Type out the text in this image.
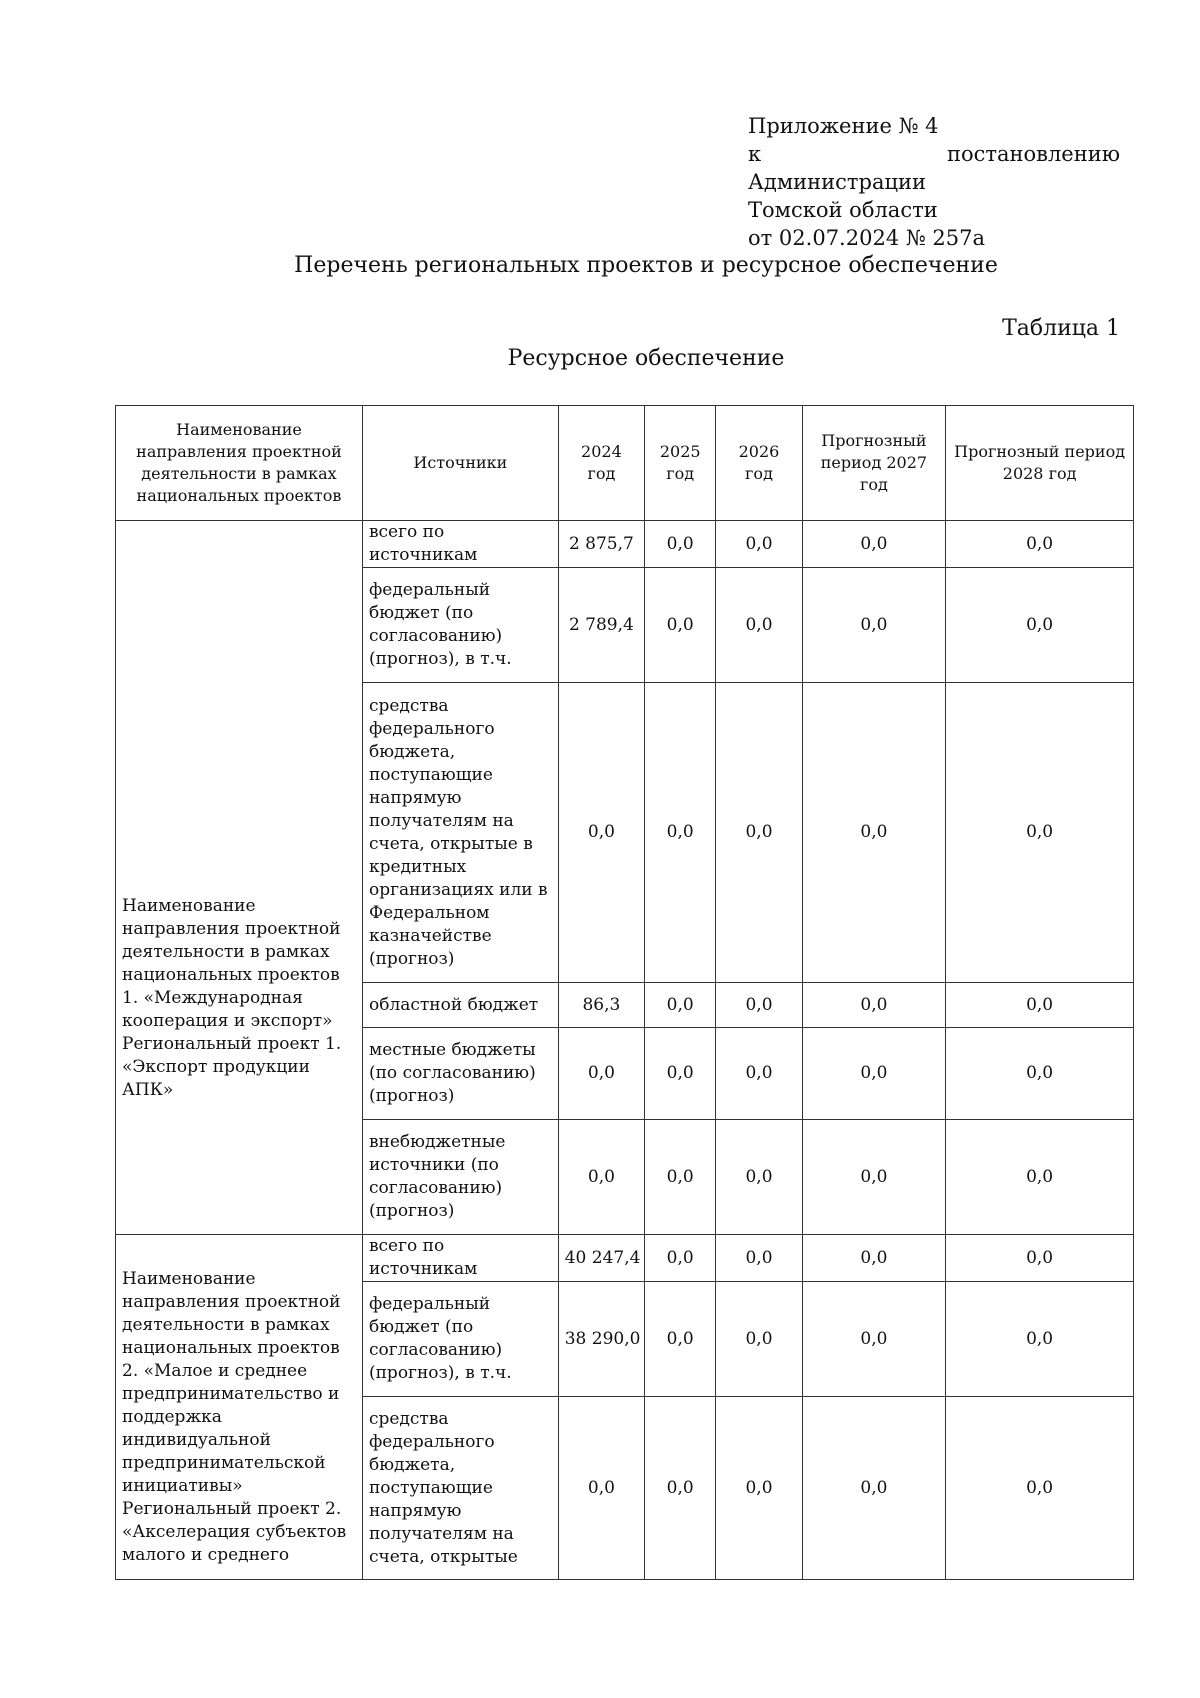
Приложение № 4
к постановлению Администрации
Томской области
от 02.07.2024 № 257а
Перечень региональных проектов и ресурсное обеспечение
Таблица 1
Ресурсное обеспечение
Наименование направления проектной деятельности в рамках национальных проектов	Источники	2024 год	2025 год	2026 год	Прогнозный период 2027 год	Прогнозный период 2028 год

Наименование направления проектной деятельности в рамках национальных проектов 1. «Международная кооперация и экспорт» Региональный проект 1. «Экспорт продукции АПК»	всего по источникам	2 875,7	0,0	0,0	0,0	0,0
	федеральный бюджет (по согласованию) (прогноз), в т.ч.	2 789,4	0,0	0,0	0,0	0,0
	средства федерального бюджета, поступающие напрямую получателям на счета, открытые в кредитных организациях или в Федеральном казначействе (прогноз)	0,0	0,0	0,0	0,0	0,0
	областной бюджет	86,3	0,0	0,0	0,0	0,0
	местные бюджеты (по согласованию) (прогноз)	0,0	0,0	0,0	0,0	0,0
	внебюджетные источники (по согласованию) (прогноз)	0,0	0,0	0,0	0,0	0,0

Наименование направления проектной деятельности в рамках национальных проектов 2. «Малое и среднее предпринимательство и поддержка индивидуальной предпринимательской инициативы» Региональный проект 2. «Акселерация субъектов малого и среднего	всего по источникам	40 247,4	0,0	0,0	0,0	0,0
	федеральный бюджет (по согласованию) (прогноз), в т.ч.	38 290,0	0,0	0,0	0,0	0,0
	средства федерального бюджета, поступающие напрямую получателям на счета, открытые	0,0	0,0	0,0	0,0	0,0
